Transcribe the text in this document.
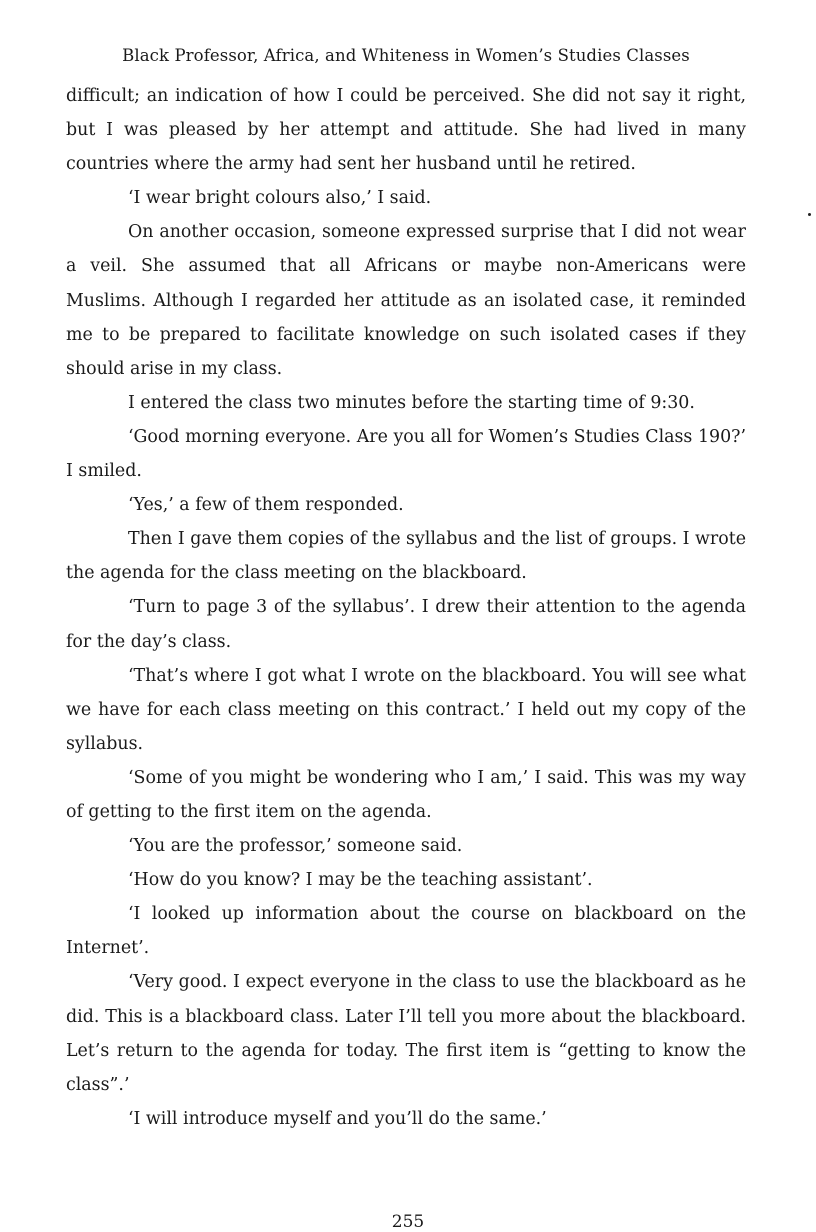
Black Professor, Africa, and Whiteness in Women’s Studies Classes

difficult; an indication of how I could be perceived. She did not say it right, but I was pleased by her attempt and attitude. She had lived in many countries where the army had sent her husband until he retired.

‘I wear bright colours also,’ I said.

On another occasion, someone expressed surprise that I did not wear a veil. She assumed that all Africans or maybe non-Americans were Muslims. Although I regarded her attitude as an isolated case, it reminded me to be prepared to facilitate knowledge on such isolated cases if they should arise in my class.

I entered the class two minutes before the starting time of 9:30.

‘Good morning everyone. Are you all for Women’s Studies Class 190?’ I smiled.

‘Yes,’ a few of them responded.

Then I gave them copies of the syllabus and the list of groups. I wrote the agenda for the class meeting on the blackboard.

‘Turn to page 3 of the syllabus’. I drew their attention to the agenda for the day’s class.

‘That’s where I got what I wrote on the blackboard. You will see what we have for each class meeting on this contract.’ I held out my copy of the syllabus.

‘Some of you might be wondering who I am,’ I said. This was my way of getting to the first item on the agenda.

‘You are the professor,’ someone said.

‘How do you know? I may be the teaching assistant’.

‘I looked up information about the course on blackboard on the Internet’.

‘Very good. I expect everyone in the class to use the blackboard as he did. This is a blackboard class. Later I’ll tell you more about the blackboard. Let’s return to the agenda for today. The first item is “getting to know the class”.’

‘I will introduce myself and you’ll do the same.’

255
